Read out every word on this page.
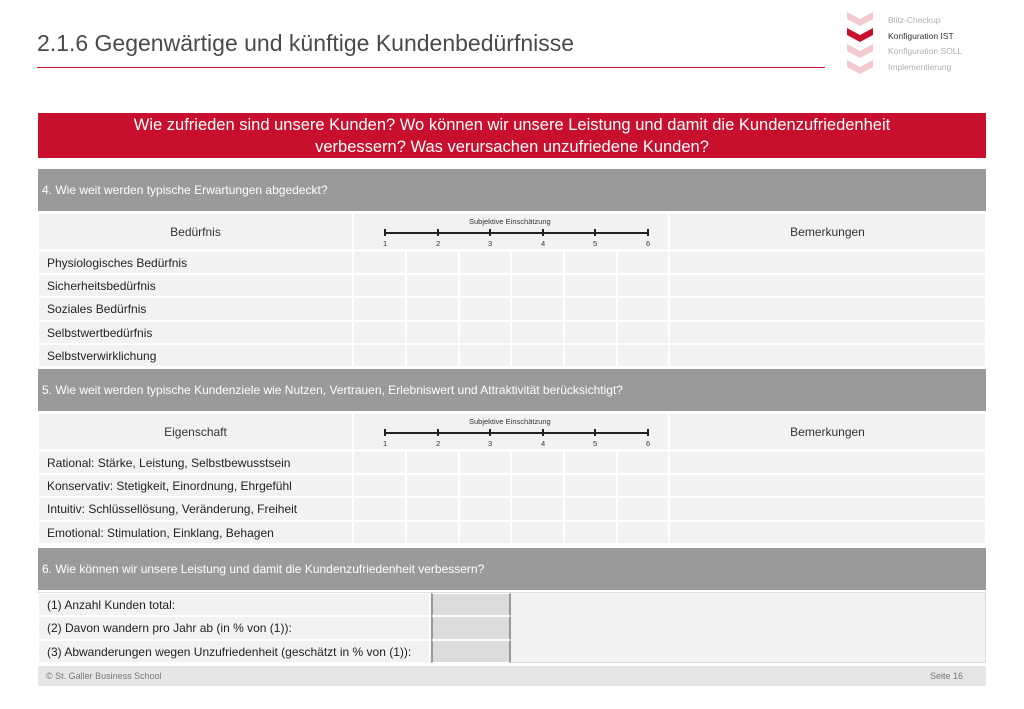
2.1.6 Gegenwärtige und künftige Kundenbedürfnisse
Blitz-Checkup
Konfiguration IST
Konfiguration SOLL
Implementierung
Wie zufrieden sind unsere Kunden? Wo können wir unsere Leistung und damit die Kundenzufriedenheit
verbessern? Was verursachen unzufriedene Kunden?
4. Wie weit werden typische Erwartungen abgedeckt?
Bedürfnis
Subjektive Einschätzung
1	2	3	4	5	6
Bemerkungen
Physiologisches Bedürfnis
Sicherheitsbedürfnis
Soziales Bedürfnis
Selbstwertbedürfnis
Selbstverwirklichung
5. Wie weit werden typische Kundenziele wie Nutzen, Vertrauen, Erlebniswert und Attraktivität berücksichtigt?
Eigenschaft
Subjektive Einschätzung
1	2	3	4	5	6
Bemerkungen
Rational: Stärke, Leistung, Selbstbewusstsein
Konservativ: Stetigkeit, Einordnung, Ehrgefühl
Intuitiv: Schlüssellösung, Veränderung, Freiheit
Emotional: Stimulation, Einklang, Behagen
6. Wie können wir unsere Leistung und damit die Kundenzufriedenheit verbessern?
(1) Anzahl Kunden total:
(2) Davon wandern pro Jahr ab (in % von (1)):
(3) Abwanderungen wegen Unzufriedenheit (geschätzt in % von (1)):
© St. Galler Business School	Seite 16
